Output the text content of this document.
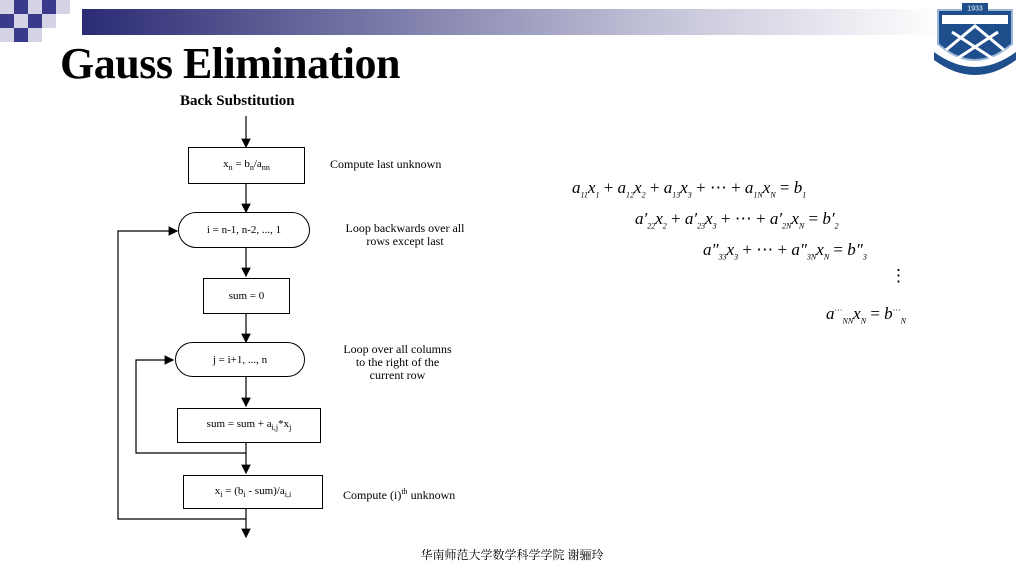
1933
Gauss Elimination
Back Substitution
$x_n = b_n/a_{nn}$	Compute last unknown
i = n-1, n-2, ..., 1	Loop backwards over all
rows except last
sum = 0
j = i+1, ..., n
Loop over all columns
to the right of the
current row
sum = sum + $a_{i,j}*x_j$
$x_i = (b_i - sum)/a_{i,i}$	Compute $(i)^{th}$ unknown
$a_{11}x_1 + a_{12}x_2 + a_{13}x_3$ + ⋯ + $a_{1N}x_N = b_1$
$a'_{22}x_2 + a'_{23}x_3$ + ⋯ + $a'_{2N}x_N = b'_2$
$a''_{33}x_3$ + ⋯ + $a''_{3N}x_N = b''_3$
⋮
$a^\cdots_{NN}x_N = b^\cdots_N$
华南师范大学数学科学学院 谢骊玲
